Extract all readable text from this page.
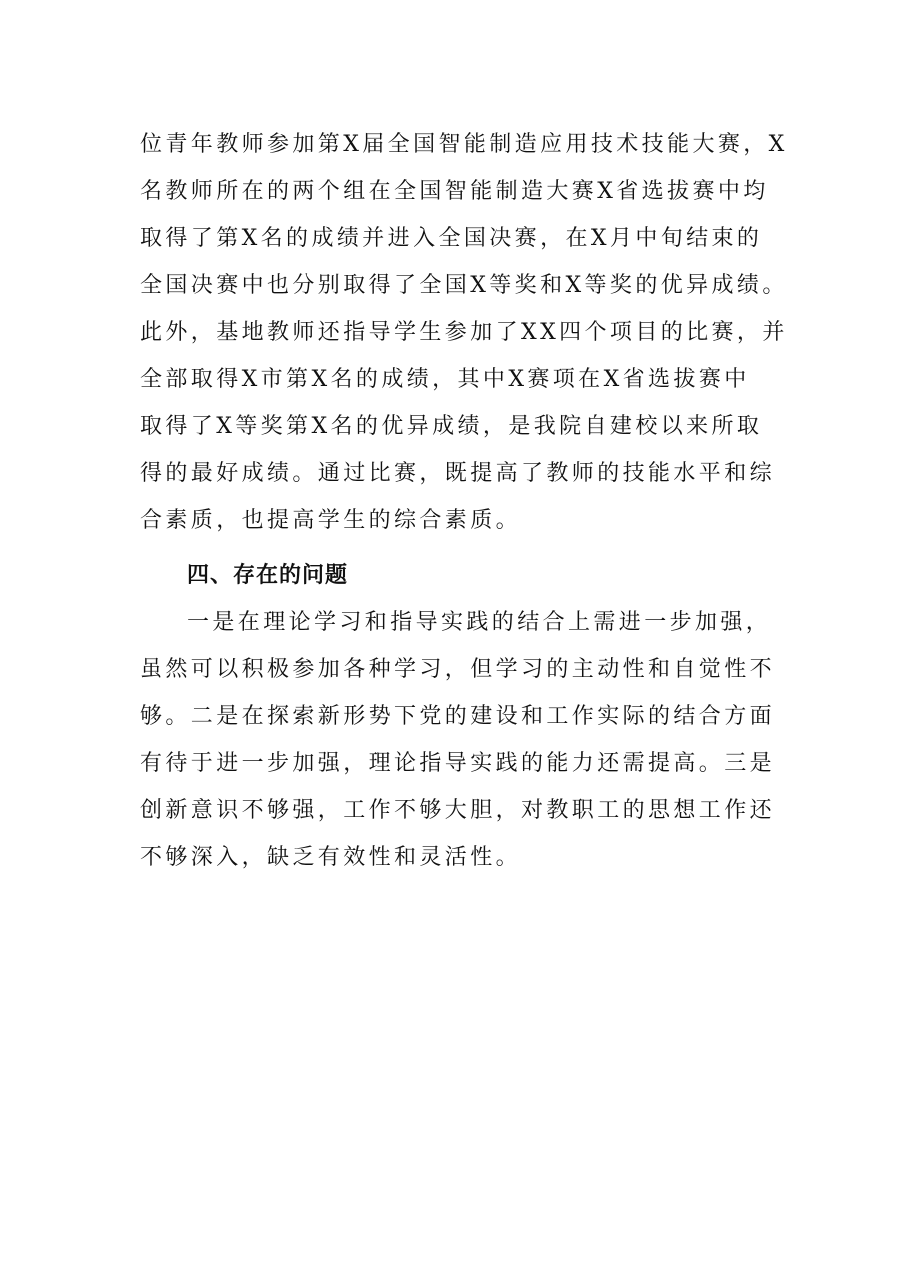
位青年教师参加第X届全国智能制造应用技术技能大赛，X
名教师所在的两个组在全国智能制造大赛X省选拔赛中均
取得了第X名的成绩并进入全国决赛，在X月中旬结束的
全国决赛中也分别取得了全国X等奖和X等奖的优异成绩。
此外，基地教师还指导学生参加了XX四个项目的比赛，并
全部取得X市第X名的成绩，其中X赛项在X省选拔赛中
取得了X等奖第X名的优异成绩，是我院自建校以来所取
得的最好成绩。通过比赛，既提高了教师的技能水平和综
合素质，也提高学生的综合素质。
四、存在的问题
一是在理论学习和指导实践的结合上需进一步加强，
虽然可以积极参加各种学习，但学习的主动性和自觉性不
够。二是在探索新形势下党的建设和工作实际的结合方面
有待于进一步加强，理论指导实践的能力还需提高。三是
创新意识不够强，工作不够大胆，对教职工的思想工作还
不够深入，缺乏有效性和灵活性。
